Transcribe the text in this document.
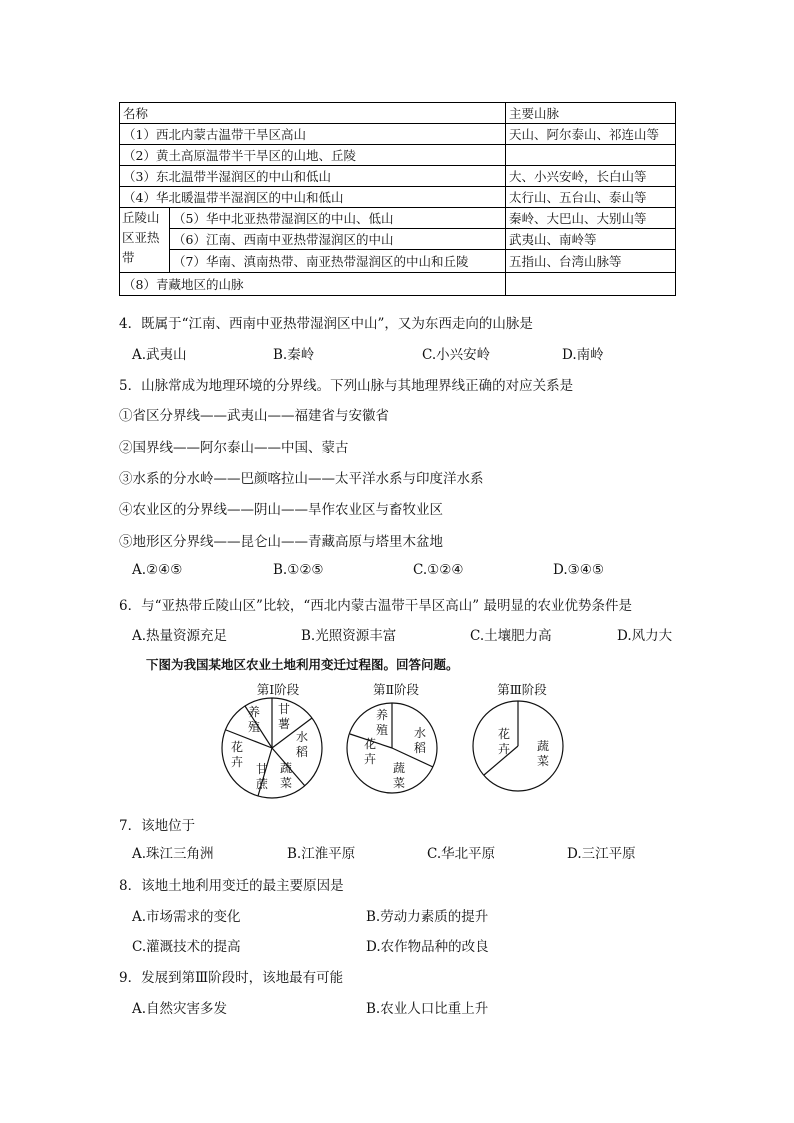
名称		主要山脉
（1）西北内蒙古温带干旱区高山		天山、阿尔泰山、祁连山等
（2）黄土高原温带半干旱区的山地、丘陵		
（3）东北温带半湿润区的中山和低山		大、小兴安岭，长白山等
（4）华北暖温带半湿润区的中山和低山		太行山、五台山、泰山等
丘陵山区亚热带	（5）华中北亚热带湿润区的中山、低山	秦岭、大巴山、大别山等
	（6）江南、西南中亚热带湿润区的中山	武夷山、南岭等
	（7）华南、滇南热带、南亚热带湿润区的中山和丘陵	五指山、台湾山脉等
（8）青藏地区的山脉		
4．既属于“江南、西南中亚热带湿润区中山”，又为东西走向的山脉是
A.武夷山	B.秦岭	C.小兴安岭	D.南岭
5．山脉常成为地理环境的分界线。下列山脉与其地理界线正确的对应关系是
①省区分界线——武夷山——福建省与安徽省
②国界线——阿尔泰山——中国、蒙古
③水系的分水岭——巴颜喀拉山——太平洋水系与印度洋水系
④农业区的分界线——阴山——旱作农业区与畜牧业区
⑤地形区分界线——昆仑山——青藏高原与塔里木盆地
A.②④⑤	B.①②⑤	C.①②④	D.③④⑤
6．与“亚热带丘陵山区”比较，“西北内蒙古温带干旱区高山” 最明显的农业优势条件是
A.热量资源充足	B.光照资源丰富	C.土壤肥力高	D.风力大
下图为我国某地区农业土地利用变迁过程图。回答问题。
第Ⅰ阶段	第Ⅱ阶段	第Ⅲ阶段
养殖
甘薯
水稻
蔬菜
甘蔗
花卉
养殖 水稻
蔬菜
花卉
花卉 蔬菜
7．该地位于
A.珠江三角洲	B.江淮平原	C.华北平原	D.三江平原
8．该地土地利用变迁的最主要原因是
A.市场需求的变化	B.劳动力素质的提升
C.灌溉技术的提高	D.农作物品种的改良
9．发展到第Ⅲ阶段时，该地最有可能
A.自然灾害多发	B.农业人口比重上升
